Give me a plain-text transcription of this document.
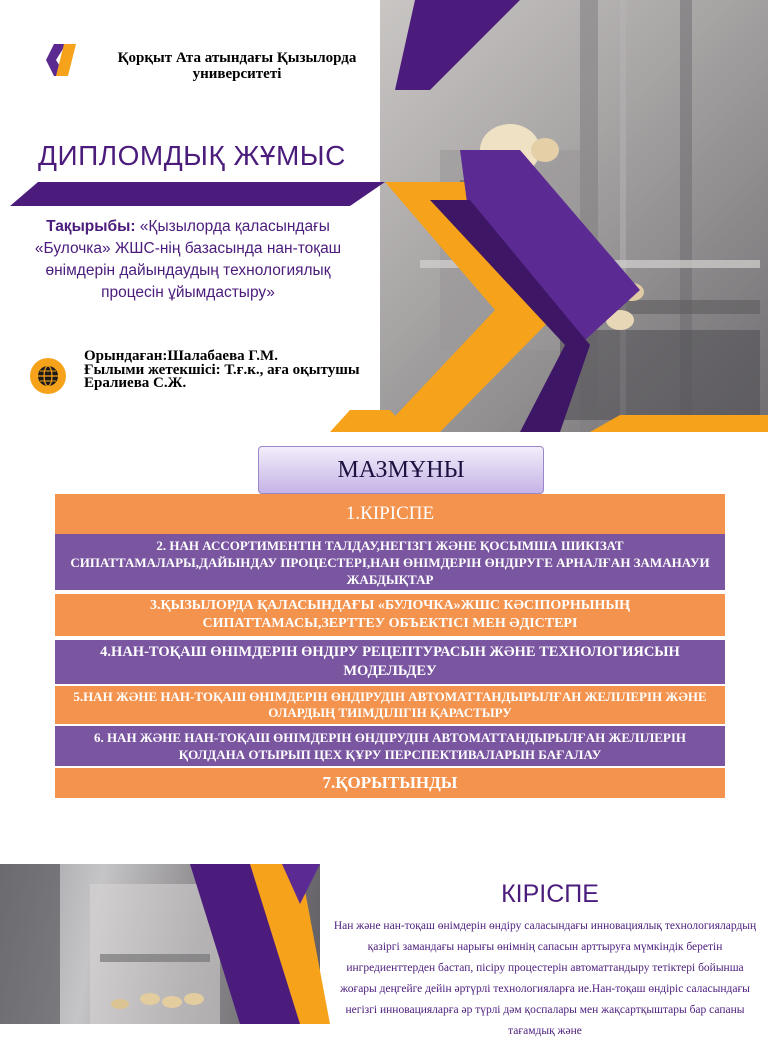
Қорқыт Ата атындағы Қызылорда университеті
ДИПЛОМДЫҚ ЖҰМЫС
Тақырыбы: «Қызылорда қаласындағы «Булочка» ЖШС-нің базасында нан-тоқаш өнімдерін дайындаудың технологиялық процесін ұйымдастыру»
Орындаған:Шалабаева Г.М.
Ғылыми жетекшісі: Т.ғ.к., аға оқытушы
Ералиева С.Ж.
МАЗМҰНЫ
1.КІРІСПЕ
2. НАН АССОРТИМЕНТІН ТАЛДАУ,НЕГІЗГІ ЖӘНЕ ҚОСЫМША ШИКІЗАТ СИПАТТАМАЛАРЫ,ДАЙЫНДАУ ПРОЦЕСТЕРІ,НАН ӨНІМДЕРІН ӨНДІРУГЕ АРНАЛҒАН ЗАМАНАУИ ЖАБДЫҚТАР
3.ҚЫЗЫЛОРДА ҚАЛАСЫНДАҒЫ «БУЛОЧКА»ЖШС КӘСІПОРНЫНЫҢ СИПАТТАМАСЫ,ЗЕРТТЕУ ОБЪЕКТІСІ МЕН ӘДІСТЕРІ
4.НАН-ТОҚАШ ӨНІМДЕРІН ӨНДІРУ РЕЦЕПТУРАСЫН ЖӘНЕ ТЕХНОЛОГИЯСЫН МОДЕЛЬДЕУ
5.НАН ЖӘНЕ НАН-ТОҚАШ ӨНІМДЕРІН ӨНДІРУДІН АВТОМАТТАНДЫРЫЛҒАН ЖЕЛІЛЕРІН ЖӘНЕ ОЛАРДЫҢ ТИІМДІЛІГІН ҚАРАСТЫРУ
6. НАН ЖӘНЕ НАН-ТОҚАШ ӨНІМДЕРІН ӨНДІРУДІН АВТОМАТТАНДЫРЫЛҒАН ЖЕЛІЛЕРІН ҚОЛДАНА ОТЫРЫП ЦЕХ ҚҰРУ ПЕРСПЕКТИВАЛАРЫН БАҒАЛАУ
7.ҚОРЫТЫНДЫ
КІРІСПЕ
Нан және нан-тоқаш өнімдерін өндіру саласындағы инновациялық технологиялардың қазіргі замандағы нарығы өнімнің сапасын арттыруға мүмкіндік беретін ингредиенттерден бастап, пісіру процестерін автоматтандыру тетіктері бойынша жоғары деңгейге дейін әртүрлі технологияларға ие.Нан-тоқаш өндіріс саласындағы негізгі инновацияларға әр түрлі дәм қоспалары мен жақсартқыштары бар сапаны тағамдық және
